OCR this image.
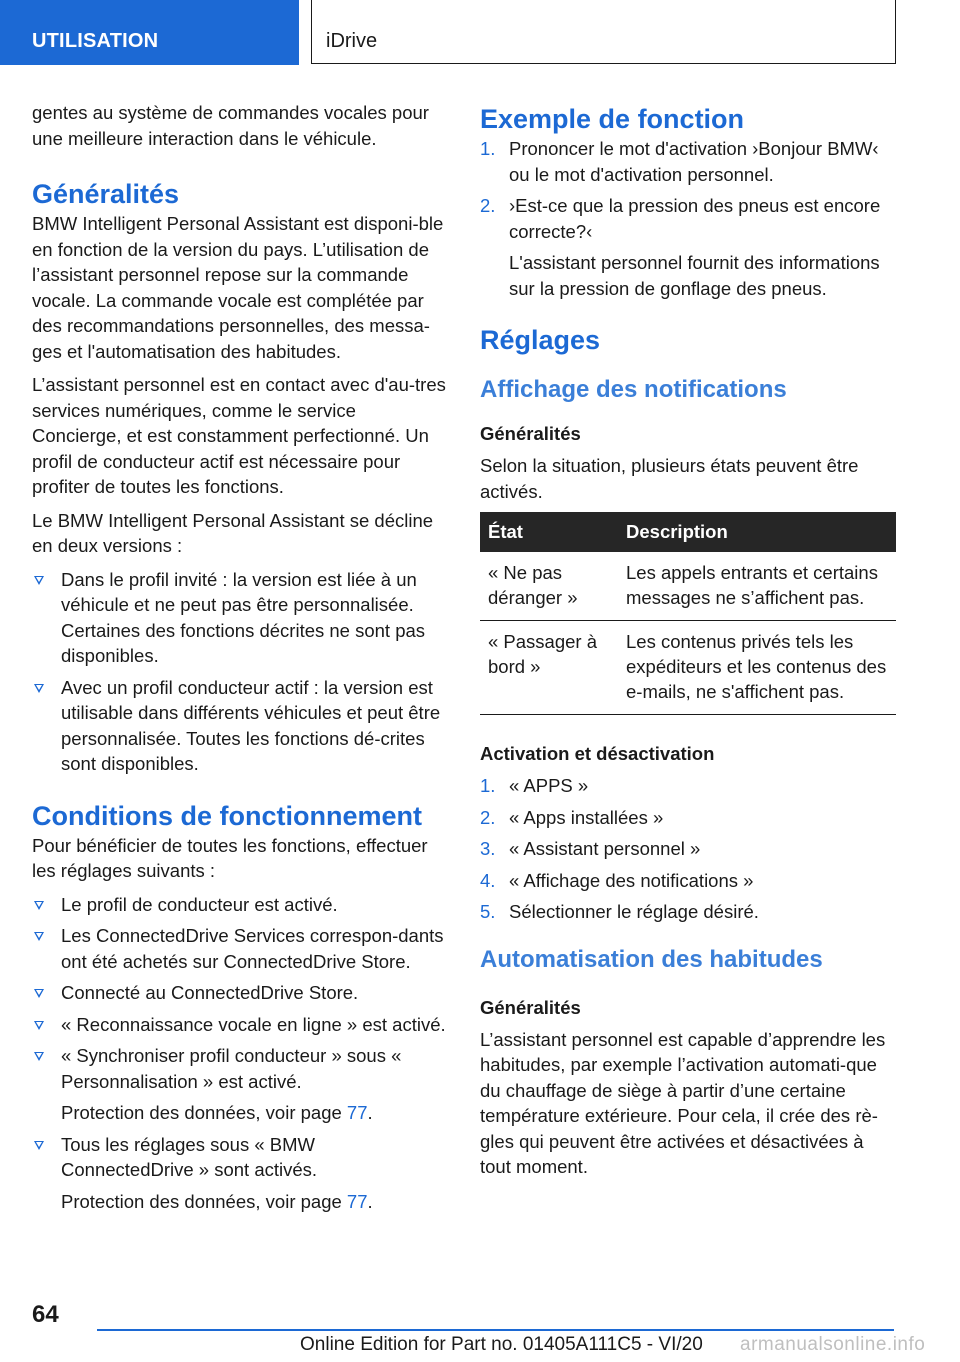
UTILISATION	iDrive

gentes au système de commandes vocales pour une meilleure interaction dans le véhicule.

Généralités

BMW Intelligent Personal Assistant est disponi-ble en fonction de la version du pays. L’utilisation de l’assistant personnel repose sur la commande vocale. La commande vocale est complétée par des recommandations personnelles, des messa-ges et l'automatisation des habitudes.

L’assistant personnel est en contact avec d'au-tres services numériques, comme le service Concierge, et est constamment perfectionné. Un profil de conducteur actif est nécessaire pour profiter de toutes les fonctions.

Le BMW Intelligent Personal Assistant se décline en deux versions :

Dans le profil invité : la version est liée à un véhicule et ne peut pas être personnalisée. Certaines des fonctions décrites ne sont pas disponibles.
Avec un profil conducteur actif : la version est utilisable dans différents véhicules et peut être personnalisée. Toutes les fonctions dé-crites sont disponibles.
Conditions de fonctionnement

Pour bénéficier de toutes les fonctions, effectuer les réglages suivants :

Le profil de conducteur est activé.
Les ConnectedDrive Services correspon-dants ont été achetés sur ConnectedDrive Store.
Connecté au ConnectedDrive Store.
« Reconnaissance vocale en ligne » est activé.
« Synchroniser profil conducteur » sous « Personnalisation » est activé.
Protection des données, voir page 77.
Tous les réglages sous « BMW ConnectedDrive » sont activés.
Protection des données, voir page 77.
Exemple de fonction
1. Prononcer le mot d'activation ›Bonjour BMW‹ ou le mot d'activation personnel.
2. ›Est-ce que la pression des pneus est encore correcte?‹
L'assistant personnel fournit des informations sur la pression de gonflage des pneus.
Réglages
Affichage des notifications
Généralités

Selon la situation, plusieurs états peuvent être activés.

État	Description
« Ne pas déranger »	Les appels entrants et certains messages ne s’affichent pas.
« Passager à bord »	Les contenus privés tels les expéditeurs et les contenus des e-mails, ne s'affichent pas.
Activation et désactivation
1. « APPS »
2. « Apps installées »
3. « Assistant personnel »
4. « Affichage des notifications »
5. Sélectionner le réglage désiré.
Automatisation des habitudes
Généralités

L’assistant personnel est capable d’apprendre les habitudes, par exemple l’activation automati-que du chauffage de siège à partir d’une certaine température extérieure. Pour cela, il crée des rè-gles qui peuvent être activées et désactivées à tout moment.

64
Online Edition for Part no. 01405A111C5 - VI/20 armanualsonline.info
